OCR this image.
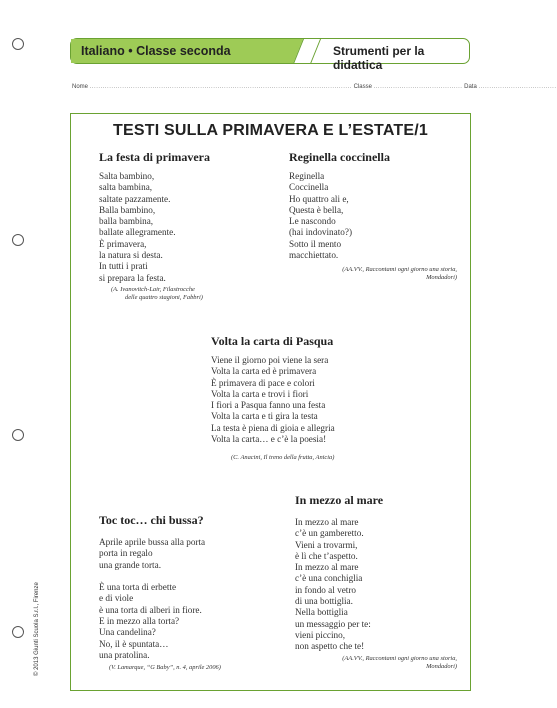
Italiano • Classe seconda	Strumenti per la didattica
Nome ......................................................................................................................... Classe ......................................... Data ....................................
TESTI SULLA PRIMAVERA E L’ESTATE/1
La festa di primavera
Salta bambino,
salta bambina,
saltate pazzamente.
Balla bambino,
balla bambina,
ballate allegramente.
È primavera,
la natura si desta.
In tutti i prati
si prepara la festa.
(A. Ivanovitch-Lair, Filastrocche
delle quattro stagioni, Fabbri)
Reginella coccinella
Reginella
Coccinella
Ho quattro ali e,
Questa è bella,
Le nascondo
(hai indovinato?)
Sotto il mento
macchiettato.
(AA.VV., Raccontami ogni giorno una storia,
Mondadori)
Volta la carta di Pasqua
Viene il giorno poi viene la sera
Volta la carta ed è primavera
È primavera di pace e colori
Volta la carta e trovi i fiori
I fiori a Pasqua fanno una festa
Volta la carta e ti gira la testa
La testa è piena di gioia e allegria
Volta la carta… e c’è la poesia!
(C. Anacini, Il treno della frutta, Anicia)
Toc toc… chi bussa?
Aprile aprile bussa alla porta
porta in regalo
una grande torta.
È una torta di erbette
e di viole
è una torta di alberi in fiore.
E in mezzo alla torta?
Una candelina?
No, il è spuntata…
una pratolina.
(V. Lamarque, “G Baby”, n. 4, aprile 2006)
In mezzo al mare
In mezzo al mare
c’è un gamberetto.
Vieni a trovarmi,
è lì che t’aspetto.
In mezzo al mare
c’è una conchiglia
in fondo al vetro
di una bottiglia.
Nella bottiglia
un messaggio per te:
vieni piccino,
non aspetto che te!
(AA.VV., Raccontami ogni giorno una storia,
Mondadori)
© 2013 Giunti Scuola S.r.l., Firenze
